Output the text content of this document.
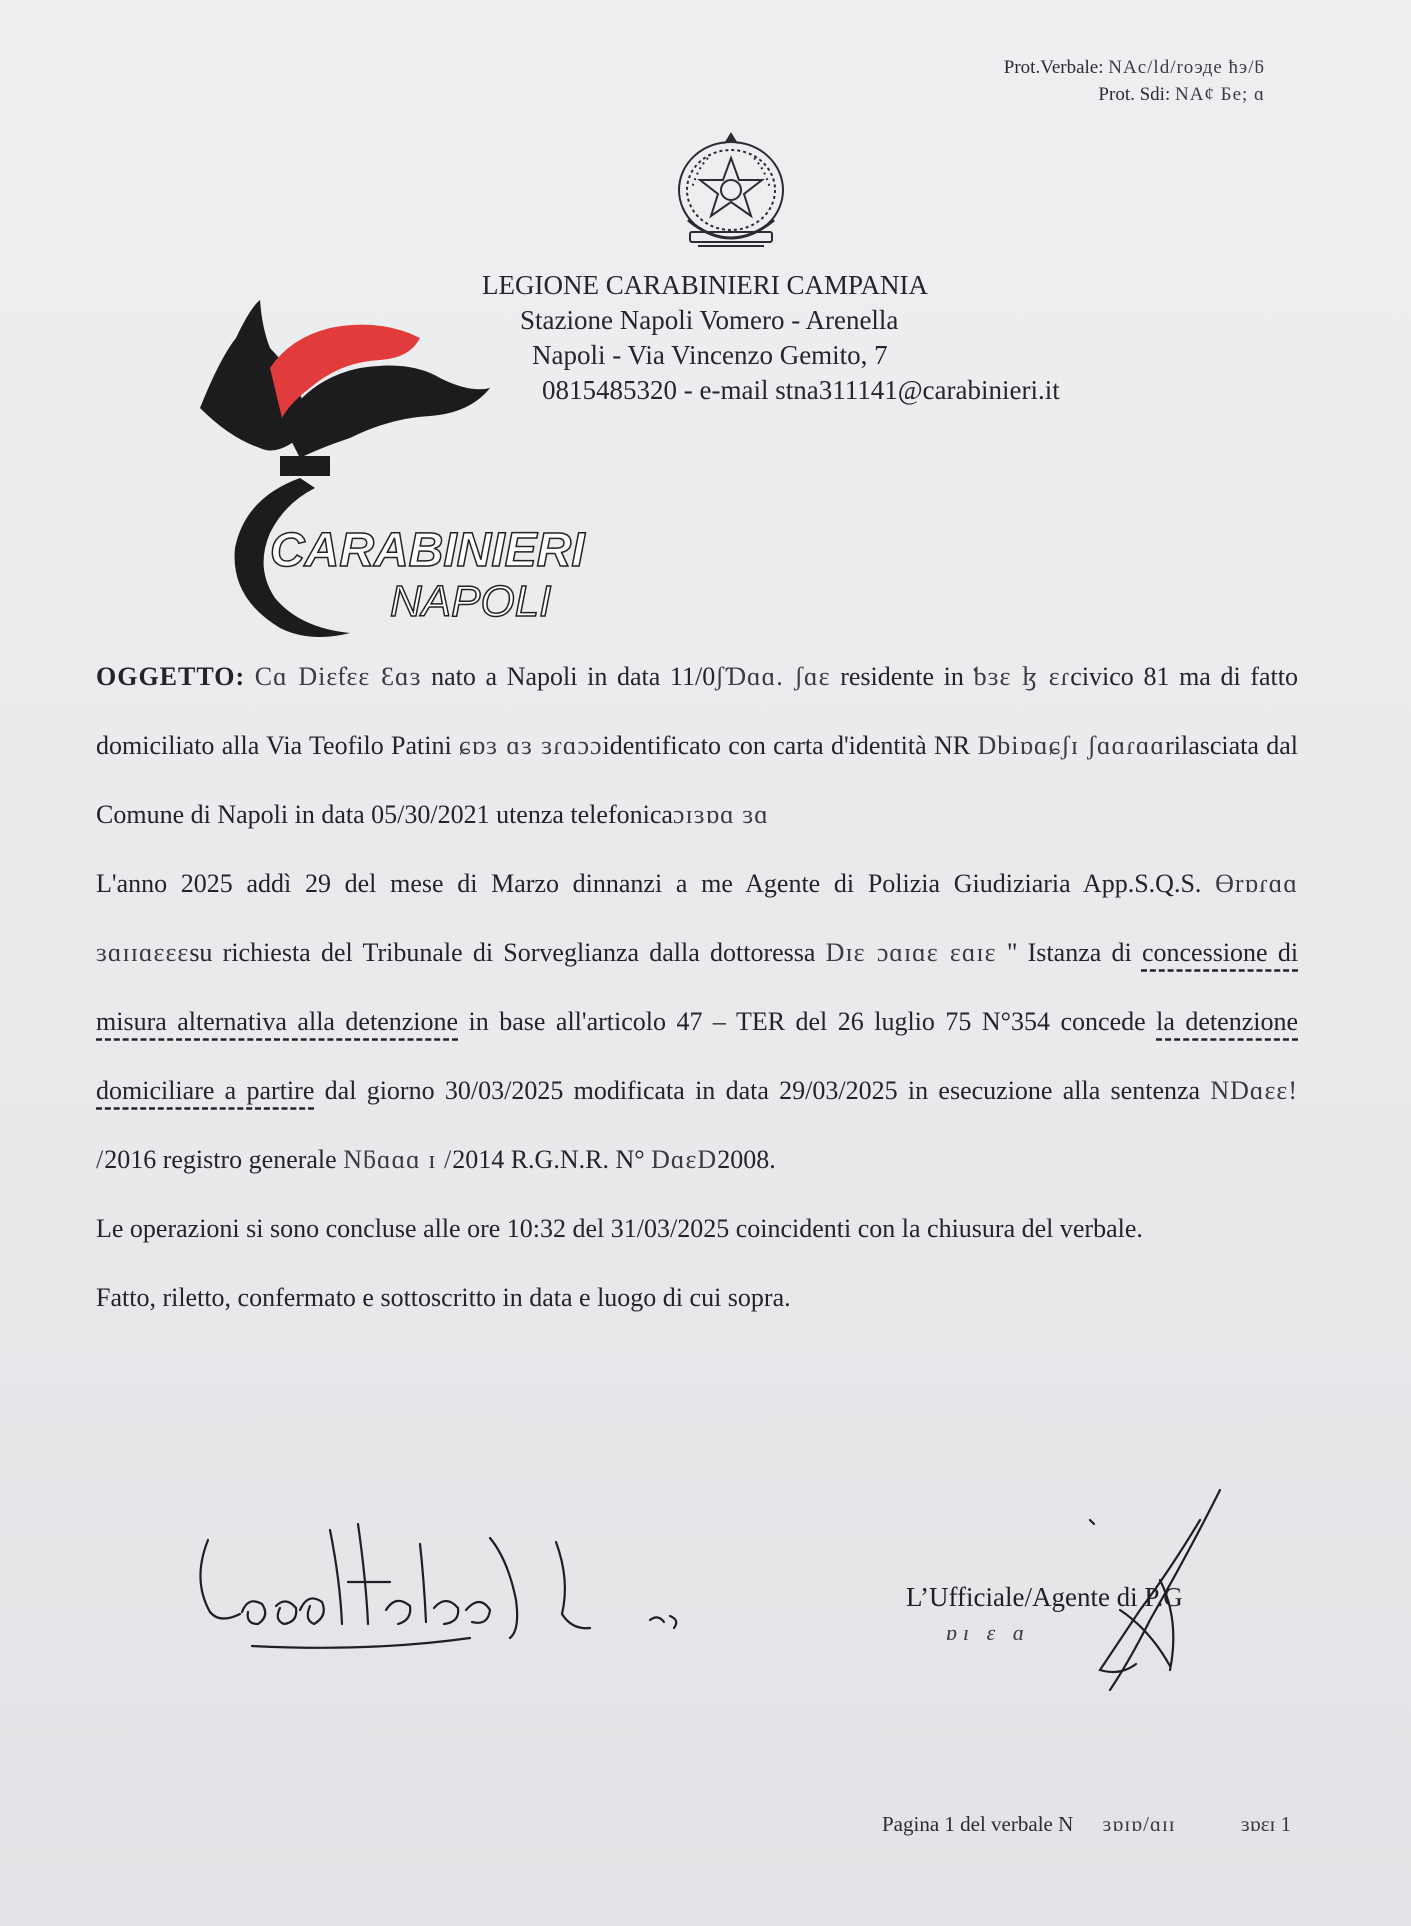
Prot.Verbale: NAc/ld/rоэде ћэ/ƃ
Prot. Sdi: NA¢ Бе; ɑ
LEGIONE CARABINIERI CAMPANIA
Stazione Napoli Vomero - Arenella
Napoli - Via Vincenzo Gemito, 7
0815485320 - e-mail stna311141@carabinieri.it
CARABINIERI
NAPOLI

OGGETTO: Cɑ Diɛƭɛɛ Ɛɑɜ nato a Napoli in data 11/0ʃƊɑɑ. ʃɑɛ residente in ƅɜɛ ɮ ɛɾcivico 81 ma di fatto domiciliato alla Via Teofilo Patini ɕɒɜ ɑɜ ɜɾɑɔɔidentificato con carta d'identità NR Dbiɒɑɕʃɪ ʃɑɑɾɑɑrilasciata dal Comune di Napoli in data 05/30/2021 utenza telefonicaɔɪɜɒɑ ɜɑ

L'anno 2025 addì 29 del mese di Marzo dinnanzi a me Agente di Polizia Giudiziaria App.S.Q.S. Ɵrɒɾɑɑ ɜɑɪɪɑɛɛɛsu richiesta del Tribunale di Sorveglianza dalla dottoressa Dɪɛ ɔɑɪɑɛ ɛɑɪɛ " Istanza di concessione di misura alternativa alla detenzione in base all'articolo 47 – TER del 26 luglio 75 N°354 concede la detenzione domiciliare a partire dal giorno 30/03/2025 modificata in data 29/03/2025 in esecuzione alla sentenza NDɑɛɛ! /2016 registro generale Nƃɑɑɑ ɪ /2014 R.G.N.R. N° DɑɛD2008.

Le operazioni si sono concluse alle ore 10:32 del 31/03/2025 coincidenti con la chiusura del verbale.

Fatto, riletto, confermato e sottoscritto in data e luogo di cui sopra.

L’Ufficiale/Agente di P.G
ɒı ɛ ɑ
Pagina 1 del verbale N ɜɒɪɒ/ɑɪɪ	ɜɒɛɪ 1
